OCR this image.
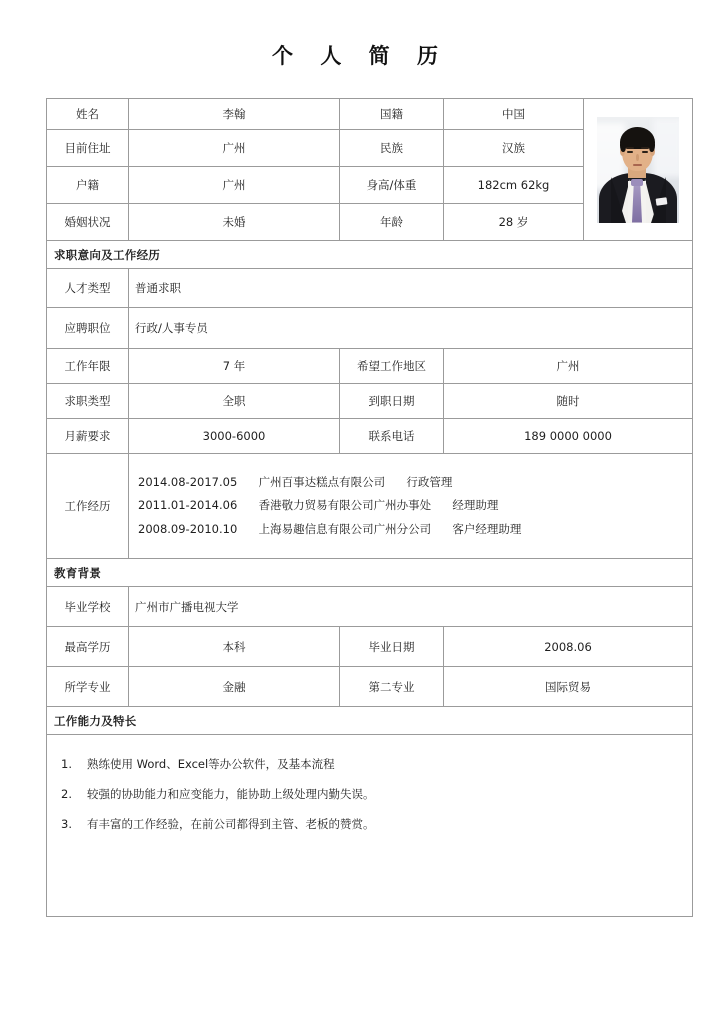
个 人 简 历
姓名	李翰	国籍	中国	

目前住址	广州	民族	汉族	
户籍	广州	身高/体重	182cm 62kg	
婚姻状况	未婚	年龄	28 岁	
求职意向及工作经历				
人才类型	普通求职			
应聘职位	行政/人事专员			
工作年限	7 年	希望工作地区	广州	
求职类型	全职	到职日期	随时	
月薪要求	3000-6000	联系电话	189 0000 0000	
工作经历	2014.08-2017.05 广州百事达糕点有限公司 行政管理
2011.01-2014.06 香港敬力贸易有限公司广州办事处 经理助理
2008.09-2010.10 上海易趣信息有限公司广州分公司 客户经理助理			

教育背景				
毕业学校	广州市广播电视大学			
最高学历	本科	毕业日期	2008.06	
所学专业	金融	第二专业	国际贸易	
工作能力及特长				

1.	熟练使用 Word、Excel等办公软件，及基本流程
2.	较强的协助能力和应变能力，能协助上级处理内勤失误。
3.	有丰富的工作经验，在前公司都得到主管、老板的赞赏。
